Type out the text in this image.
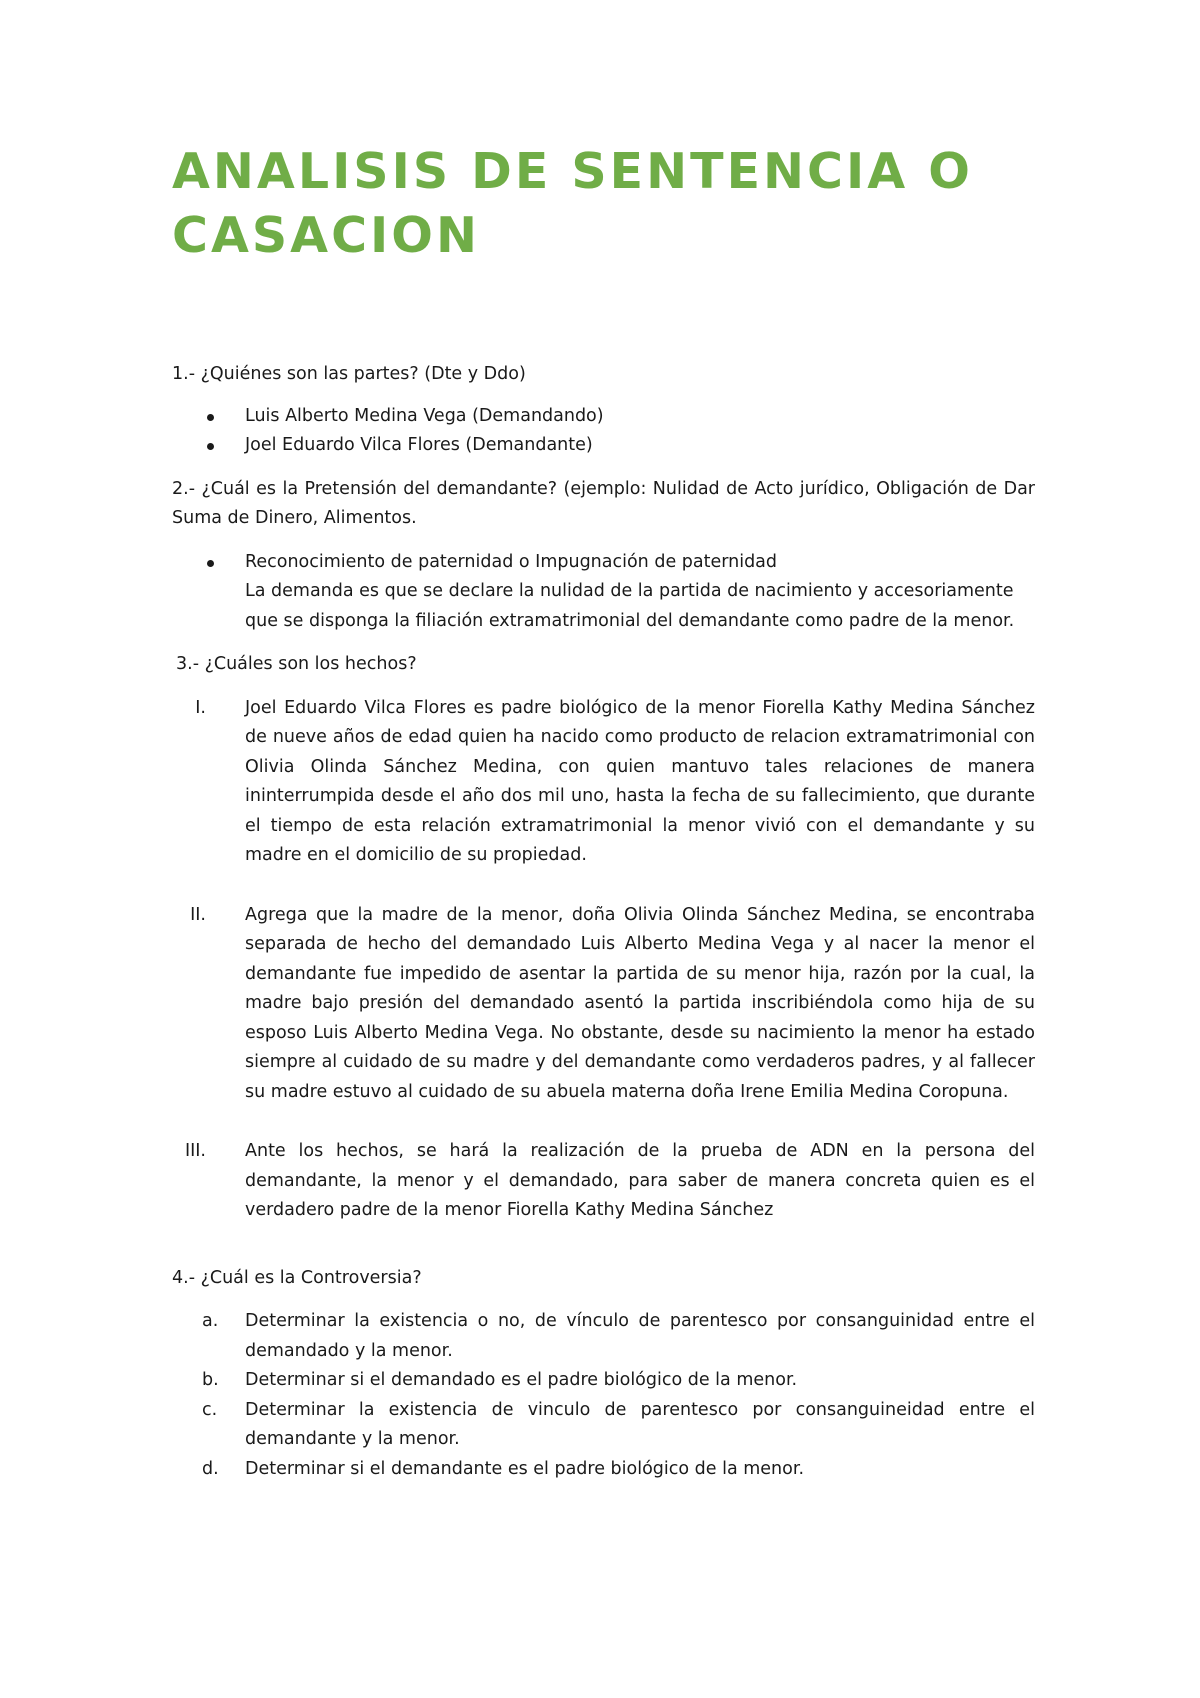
ANALISIS DE SENTENCIA O CASACION

1.- ¿Quiénes son las partes? (Dte y Ddo)

Luis Alberto Medina Vega (Demandando)
Joel Eduardo Vilca Flores (Demandante)

2.- ¿Cuál es la Pretensión del demandante? (ejemplo: Nulidad de Acto jurídico, Obligación de Dar Suma de Dinero, Alimentos.

Reconocimiento de paternidad o Impugnación de paternidad
La demanda es que se declare la nulidad de la partida de nacimiento y accesoriamente que se disponga la filiación extramatrimonial del demandante como padre de la menor.

3.- ¿Cuáles son los hechos?

I. Joel Eduardo Vilca Flores es padre biológico de la menor Fiorella Kathy Medina Sánchez de nueve años de edad quien ha nacido como producto de relacion extramatrimonial con Olivia Olinda Sánchez Medina, con quien mantuvo tales relaciones de manera ininterrumpida desde el año dos mil uno, hasta la fecha de su fallecimiento, que durante el tiempo de esta relación extramatrimonial la menor vivió con el demandante y su madre en el domicilio de su propiedad.
II. Agrega que la madre de la menor, doña Olivia Olinda Sánchez Medina, se encontraba separada de hecho del demandado Luis Alberto Medina Vega y al nacer la menor el demandante fue impedido de asentar la partida de su menor hija, razón por la cual, la madre bajo presión del demandado asentó la partida inscribiéndola como hija de su esposo Luis Alberto Medina Vega. No obstante, desde su nacimiento la menor ha estado siempre al cuidado de su madre y del demandante como verdaderos padres, y al fallecer su madre estuvo al cuidado de su abuela materna doña Irene Emilia Medina Coropuna.
III. Ante los hechos, se hará la realización de la prueba de ADN en la persona del demandante, la menor y el demandado, para saber de manera concreta quien es el verdadero padre de la menor Fiorella Kathy Medina Sánchez

4.- ¿Cuál es la Controversia?

a. Determinar la existencia o no, de vínculo de parentesco por consanguinidad entre el demandado y la menor.
b. Determinar si el demandado es el padre biológico de la menor.
c. Determinar la existencia de vinculo de parentesco por consanguineidad entre el demandante y la menor.
d. Determinar si el demandante es el padre biológico de la menor.
